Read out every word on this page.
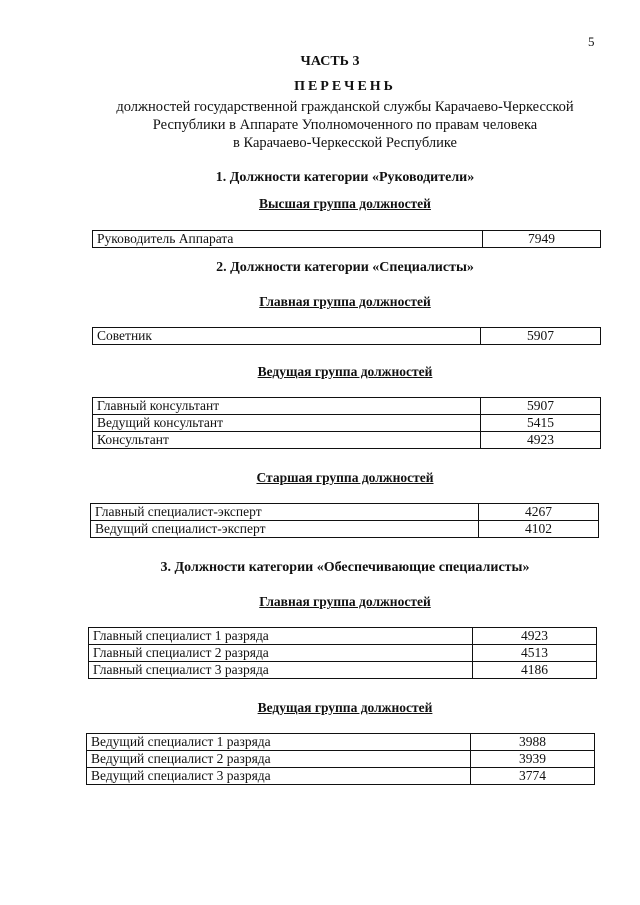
5
ЧАСТЬ 3
ПЕРЕЧЕНЬ
должностей государственной гражданской службы Карачаево-Черкесской
Республики в Аппарате Уполномоченного по правам человека
в Карачаево-Черкесской Республике
1. Должности категории «Руководители»
Высшая группа должностей
Руководитель Аппарата	7949
2. Должности категории «Специалисты»
Главная группа должностей
Советник	5907
Ведущая группа должностей
Главный консультант	5907
Ведущий консультант	5415
Консультант	4923
Старшая группа должностей
Главный специалист-эксперт	4267
Ведущий специалист-эксперт	4102
3. Должности категории «Обеспечивающие специалисты»
Главная группа должностей
Главный специалист 1 разряда	4923
Главный специалист 2 разряда	4513
Главный специалист 3 разряда	4186
Ведущая группа должностей
Ведущий специалист 1 разряда	3988
Ведущий специалист 2 разряда	3939
Ведущий специалист 3 разряда	3774
